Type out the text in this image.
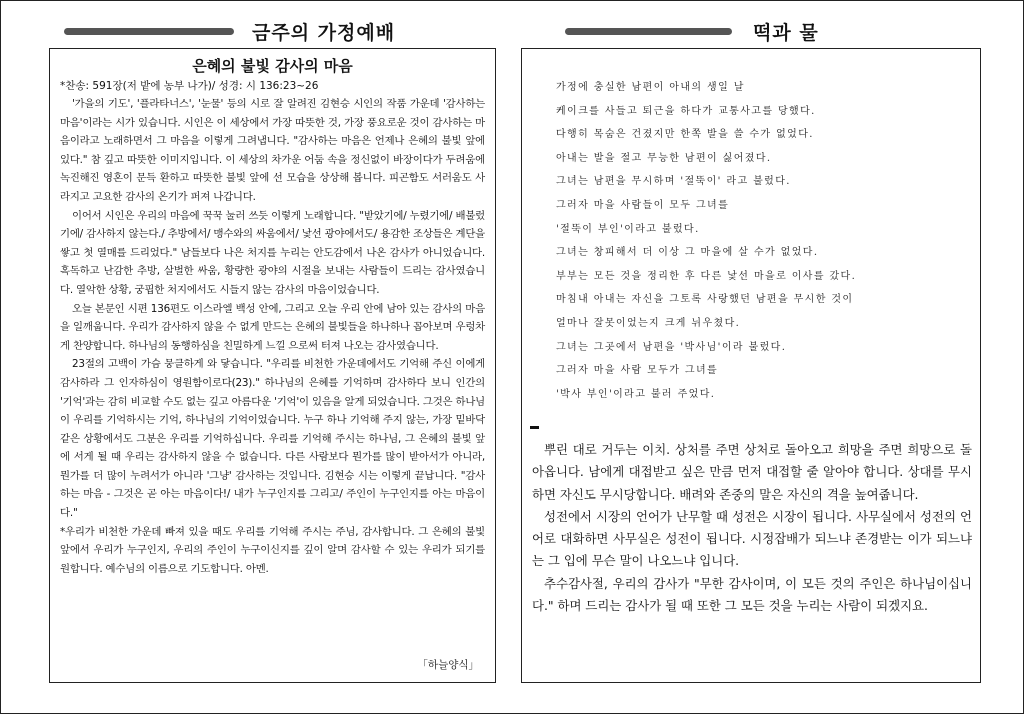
금주의 가정예배	떡과 물
은혜의 불빛 감사의 마음
*찬송: 591장(저 밭에 농부 나가)/ 성경: 시 136:23~26

'가을의 기도', '플라타너스', '눈물' 등의 시로 잘 알려진 김현승 시인의 작품 가운데 '감사하는 마음'이라는 시가 있습니다. 시인은 이 세상에서 가장 따뜻한 것, 가장 풍요로운 것이 감사하는 마음이라고 노래하면서 그 마음을 이렇게 그려냅니다. "감사하는 마음은 언제나 은혜의 불빛 앞에 있다." 참 깊고 따뜻한 이미지입니다. 이 세상의 차가운 어둠 속을 정신없이 바장이다가 두려움에 녹진해진 영혼이 문득 환하고 따뜻한 불빛 앞에 선 모습을 상상해 봅니다. 피곤함도 서러움도 사라지고 고요한 감사의 온기가 퍼져 나갑니다.

이어서 시인은 우리의 마음에 꾹꾹 눌러 쓰듯 이렇게 노래합니다. "받았기에/ 누렸기에/ 배불렀기에/ 감사하지 않는다./ 추방에서/ 맹수와의 싸움에서/ 낯선 광야에서도/ 용감한 조상들은 계단을 쌓고 첫 열매를 드리었다." 남들보다 나은 처지를 누리는 안도감에서 나온 감사가 아니었습니다. 혹독하고 난감한 추방, 살벌한 싸움, 황량한 광야의 시절을 보내는 사람들이 드리는 감사였습니다. 열악한 상황, 궁핍한 처지에서도 시들지 않는 감사의 마음이었습니다.

오늘 본문인 시편 136편도 이스라엘 백성 안에, 그리고 오늘 우리 안에 남아 있는 감사의 마음을 일깨웁니다. 우리가 감사하지 않을 수 없게 만드는 은혜의 불빛들을 하나하나 꼽아보며 우렁차게 찬양합니다. 하나님의 동행하심을 친밀하게 느낄 으로써 터져 나오는 감사였습니다.

23절의 고백이 가슴 뭉클하게 와 닿습니다. "우리를 비천한 가운데에서도 기억해 주신 이에게 감사하라 그 인자하심이 영원함이로다(23)." 하나님의 은혜를 기억하며 감사하다 보니 인간의 '기억'과는 감히 비교할 수도 없는 깊고 아름다운 '기억'이 있음을 알게 되었습니다. 그것은 하나님이 우리를 기억하시는 기억, 하나님의 기억이었습니다. 누구 하나 기억해 주지 않는, 가장 밑바닥 같은 상황에서도 그분은 우리를 기억하십니다. 우리를 기억해 주시는 하나님, 그 은혜의 불빛 앞에 서게 될 때 우리는 감사하지 않을 수 없습니다. 다른 사람보다 뭔가를 많이 받아서가 아니라, 뭔가를 더 많이 누려서가 아니라 '그냥' 감사하는 것입니다. 김현승 시는 이렇게 끝납니다. "감사하는 마음 - 그것은 곧 아는 마음이다!/ 내가 누구인지를 그리고/ 주인이 누구인지를 아는 마음이다."

*우리가 비천한 가운데 빠져 있을 때도 우리를 기억해 주시는 주님, 감사합니다. 그 은혜의 불빛 앞에서 우리가 누구인지, 우리의 주인이 누구이신지를 깊이 알며 감사할 수 있는 우리가 되기를 원합니다. 예수님의 이름으로 기도합니다. 아멘.

「하늘양식」
가정에 충실한 남편이 아내의 생일 날
케이크를 사들고 퇴근을 하다가 교통사고를 당했다.
다행히 목숨은 건졌지만 한쪽 발을 쓸 수가 없었다.
아내는 발을 절고 무능한 남편이 싫어졌다.
그녀는 남편을 무시하며 '절뚝이' 라고 불렀다.
그러자 마을 사람들이 모두 그녀를
'절뚝이 부인'이라고 불렀다.
그녀는 창피해서 더 이상 그 마을에 살 수가 없었다.
부부는 모든 것을 정리한 후 다른 낯선 마을로 이사를 갔다.
마침내 아내는 자신을 그토록 사랑했던 남편을 무시한 것이
얼마나 잘못이었는지 크게 뉘우쳤다.
그녀는 그곳에서 남편을 '박사님'이라 불렀다.
그러자 마을 사람 모두가 그녀를
'박사 부인'이라고 불러 주었다.

뿌린 대로 거두는 이치. 상처를 주면 상처로 돌아오고 희망을 주면 희망으로 돌아옵니다. 남에게 대접받고 싶은 만큼 먼저 대접할 줄 알아야 합니다. 상대를 무시하면 자신도 무시당합니다. 배려와 존중의 말은 자신의 격을 높여줍니다.

성전에서 시장의 언어가 난무할 때 성전은 시장이 됩니다. 사무실에서 성전의 언어로 대화하면 사무실은 성전이 됩니다. 시정잡배가 되느냐 존경받는 이가 되느냐는 그 입에 무슨 말이 나오느냐 입니다.

추수감사절, 우리의 감사가 "무한 감사이며, 이 모든 것의 주인은 하나님이십니다." 하며 드리는 감사가 될 때 또한 그 모든 것을 누리는 사람이 되겠지요.
